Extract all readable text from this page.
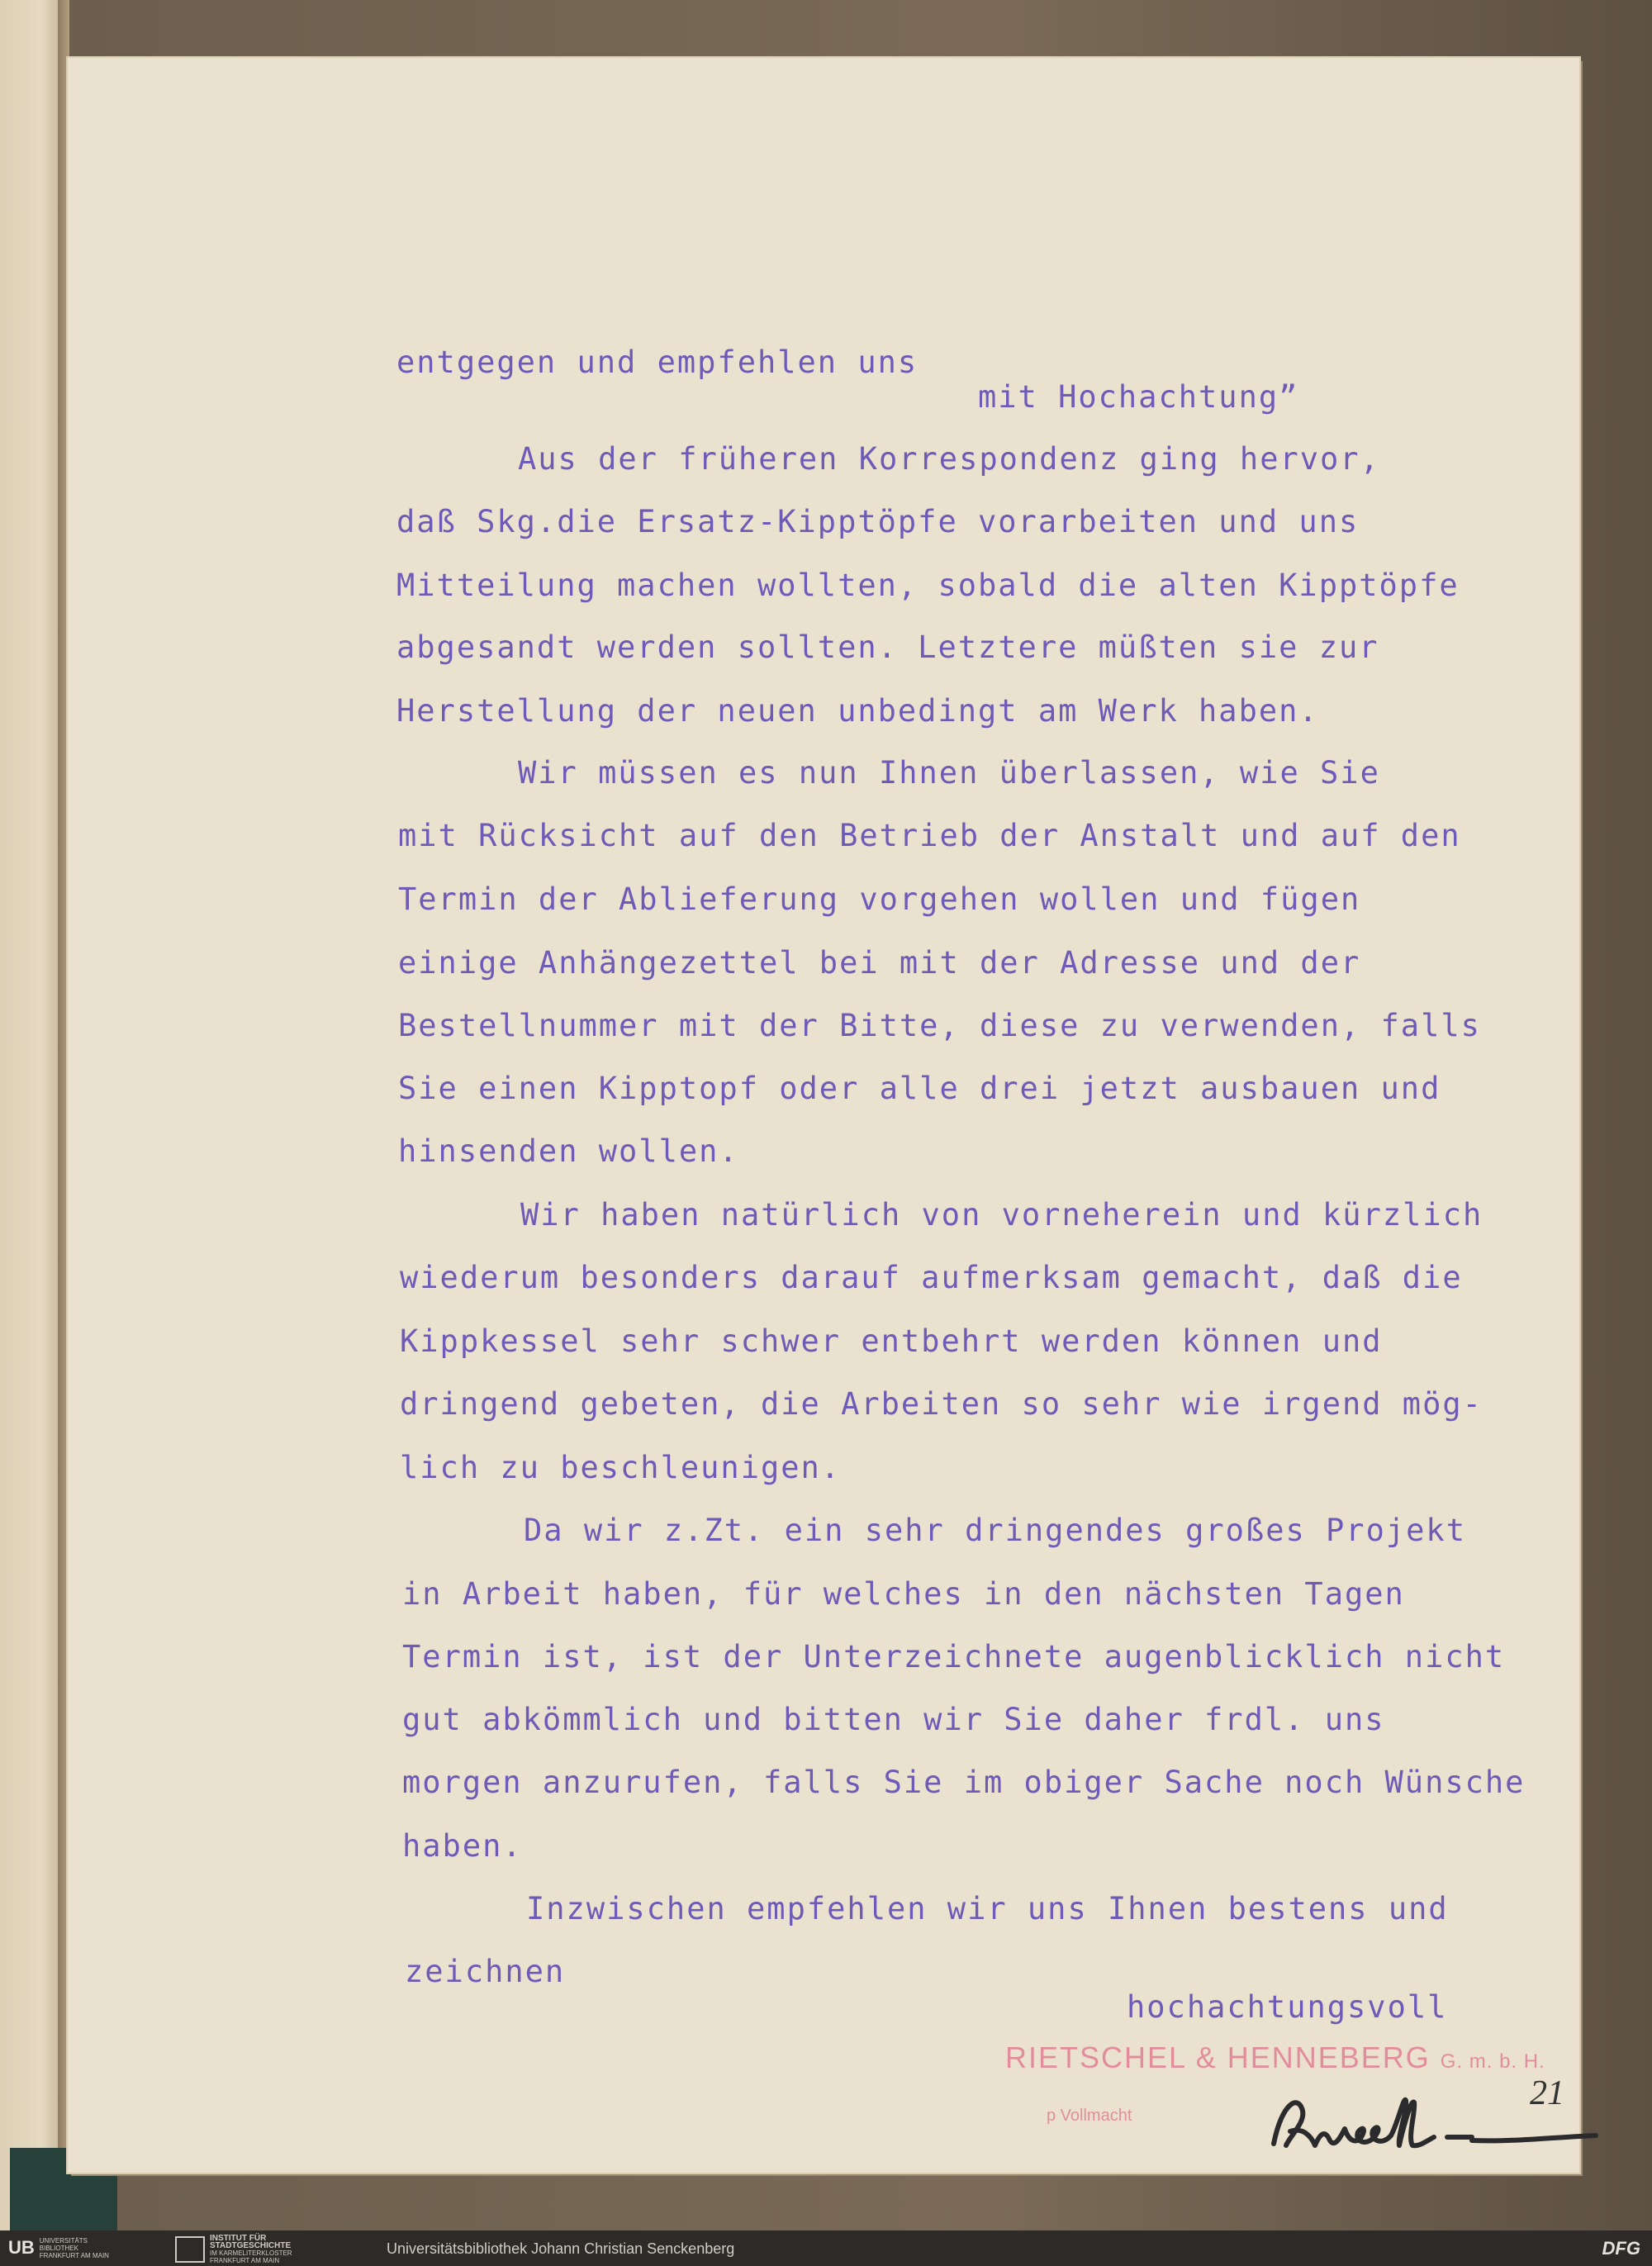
entgegen und empfehlen uns
mit Hochachtung”
Aus der früheren Korrespondenz ging hervor,
daß Skg.die Ersatz-Kipptöpfe vorarbeiten und uns
Mitteilung machen wollten, sobald die alten Kipptöpfe
abgesandt werden sollten. Letztere müßten sie zur
Herstellung der neuen unbedingt am Werk haben.
Wir müssen es nun Ihnen überlassen, wie Sie
mit Rücksicht auf den Betrieb der Anstalt und auf den
Termin der Ablieferung vorgehen wollen und fügen
einige Anhängezettel bei mit der Adresse und der
Bestellnummer mit der Bitte, diese zu verwenden, falls
Sie einen Kipptopf oder alle drei jetzt ausbauen und
hinsenden wollen.
Wir haben natürlich von vorneherein und kürzlich
wiederum besonders darauf aufmerksam gemacht, daß die
Kippkessel sehr schwer entbehrt werden können und
dringend gebeten, die Arbeiten so sehr wie irgend mög-
lich zu beschleunigen.
Da wir z.Zt. ein sehr dringendes großes Projekt
in Arbeit haben, für welches in den nächsten Tagen
Termin ist, ist der Unterzeichnete augenblicklich nicht
gut abkömmlich und bitten wir Sie daher frdl. uns
morgen anzurufen, falls Sie im obiger Sache noch Wünsche
haben.
Inzwischen empfehlen wir uns Ihnen bestens und
zeichnen
hochachtungsvoll
RIETSCHEL & HENNEBERG G. m. b. H.
p Vollmacht
21
UB UNIVERSITÄTS
BIBLIOTHEK
FRANKFURT AM MAIN
INSTITUT FÜR
STADTGESCHICHTE
IM KARMELITERKLOSTER
FRANKFURT AM MAIN
Universitätsbibliothek Johann Christian Senckenberg	DFG
